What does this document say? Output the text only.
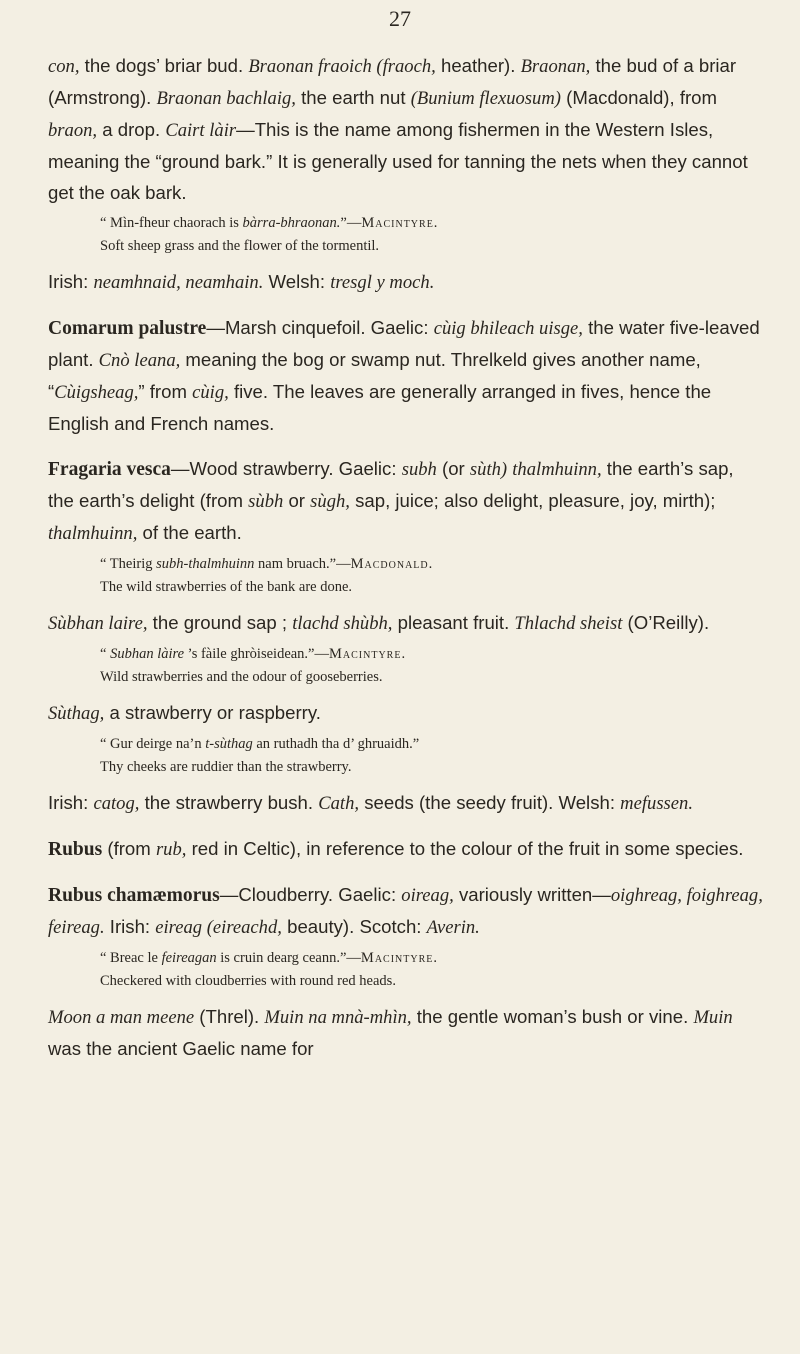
27

con, the dogs’ briar bud. Braonan fraoich (fraoch, heather). Braonan, the bud of a briar (Armstrong). Braonan bachlaig, the earth nut (Bunium flexuosum) (Macdonald), from braon, a drop. Cairt làir—This is the name among fishermen in the Western Isles, meaning the “ground bark.” It is generally used for tanning the nets when they cannot get the oak bark.

“ Mìn-fheur chaorach is bàrra-bhraonan.”—Macintyre.
Soft sheep grass and the flower of the tormentil.

Irish: neamhnaid, neamhain. Welsh: tresgl y moch.

Comarum palustre—Marsh cinquefoil. Gaelic: cùig bhileach uisge, the water five-leaved plant. Cnò leana, meaning the bog or swamp nut. Threlkeld gives another name, “Cùigsheag,” from cùig, five. The leaves are generally arranged in fives, hence the English and French names.

Fragaria vesca—Wood strawberry. Gaelic: subh (or sùth) thalmhuinn, the earth’s sap, the earth’s delight (from sùbh or sùgh, sap, juice; also delight, pleasure, joy, mirth); thalmhuinn, of the earth.

“ Theirig subh-thalmhuinn nam bruach.”—Macdonald.
The wild strawberries of the bank are done.

Sùbhan laire, the ground sap ; tlachd shùbh, pleasant fruit. Thlachd sheist (O’Reilly).

“ Subhan làire ’s fàile ghròiseidean.”—Macintyre.
Wild strawberries and the odour of gooseberries.

Sùthag, a strawberry or raspberry.

“ Gur deirge na’n t-sùthag an ruthadh tha d’ ghruaidh.”
Thy cheeks are ruddier than the strawberry.

Irish: catog, the strawberry bush. Cath, seeds (the seedy fruit). Welsh: mefussen.

Rubus (from rub, red in Celtic), in reference to the colour of the fruit in some species.

Rubus chamæmorus—Cloudberry. Gaelic: oireag, variously written—oighreag, foighreag, feireag. Irish: eireag (eireachd, beauty). Scotch: Averin.

“ Breac le feireagan is cruin dearg ceann.”—Macintyre.
Checkered with cloudberries with round red heads.

Moon a man meene (Threl). Muin na mnà-mhìn, the gentle woman’s bush or vine. Muin was the ancient Gaelic name for
